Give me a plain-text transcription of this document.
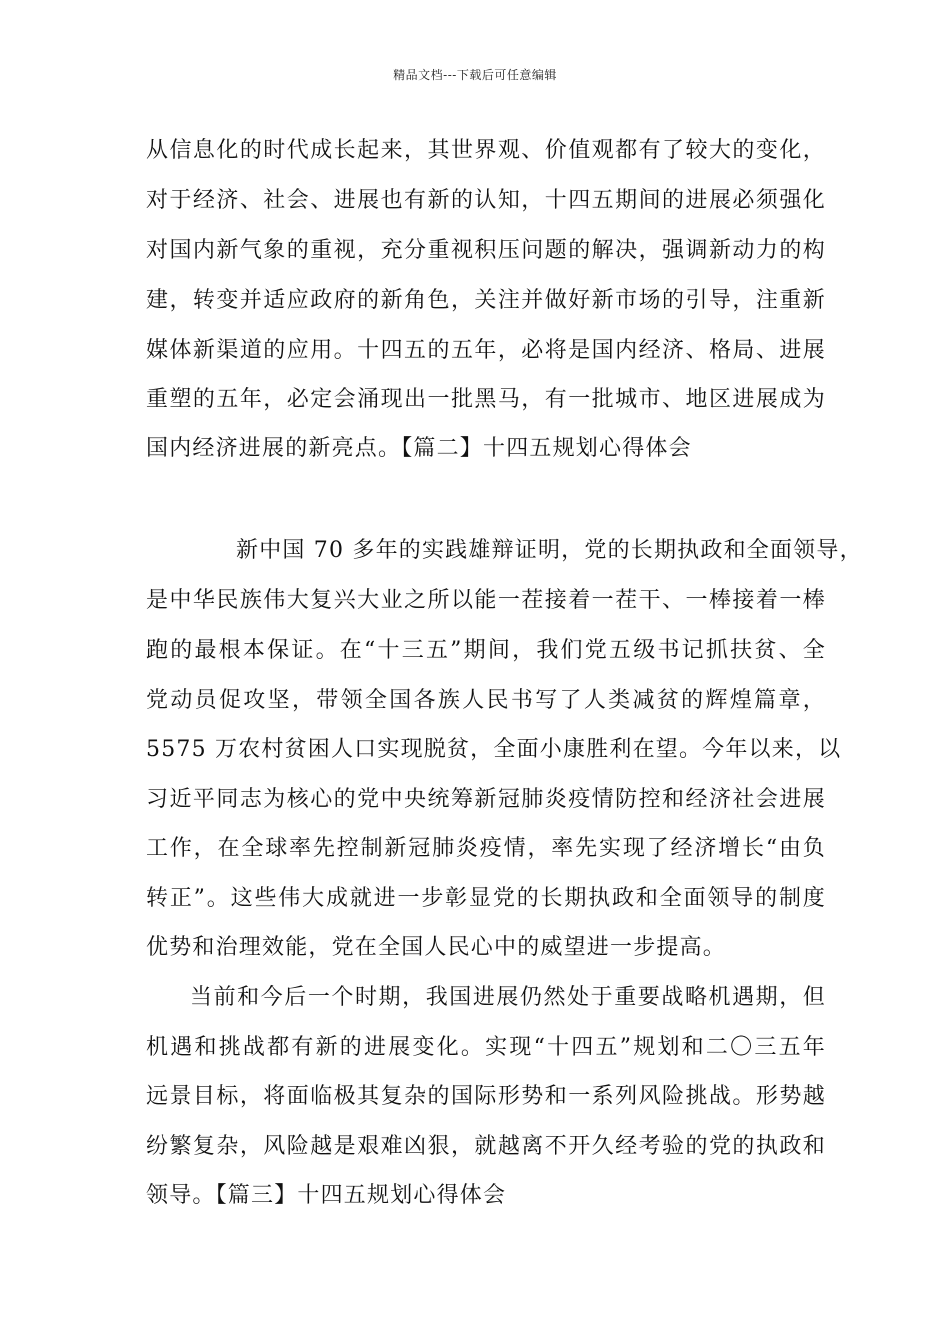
精品文档---下载后可任意编辑
从信息化的时代成长起来，其世界观、价值观都有了较大的变化，
对于经济、社会、进展也有新的认知，十四五期间的进展必须强化
对国内新气象的重视，充分重视积压问题的解决，强调新动力的构
建，转变并适应政府的新角色，关注并做好新市场的引导，注重新
媒体新渠道的应用。十四五的五年，必将是国内经济、格局、进展
重塑的五年，必定会涌现出一批黑马，有一批城市、地区进展成为
国内经济进展的新亮点。【篇二】十四五规划心得体会
新中国 70 多年的实践雄辩证明，党的长期执政和全面领导，
是中华民族伟大复兴大业之所以能一茬接着一茬干、一棒接着一棒
跑的最根本保证。在“十三五”期间，我们党五级书记抓扶贫、全
党动员促攻坚，带领全国各族人民书写了人类减贫的辉煌篇章，
5575 万农村贫困人口实现脱贫，全面小康胜利在望。今年以来，以
习近平同志为核心的党中央统筹新冠肺炎疫情防控和经济社会进展
工作，在全球率先控制新冠肺炎疫情，率先实现了经济增长“由负
转正”。这些伟大成就进一步彰显党的长期执政和全面领导的制度
优势和治理效能，党在全国人民心中的威望进一步提高。
当前和今后一个时期，我国进展仍然处于重要战略机遇期，但
机遇和挑战都有新的进展变化。实现“十四五”规划和二〇三五年
远景目标，将面临极其复杂的国际形势和一系列风险挑战。形势越
纷繁复杂，风险越是艰难凶狠，就越离不开久经考验的党的执政和
领导。【篇三】十四五规划心得体会
